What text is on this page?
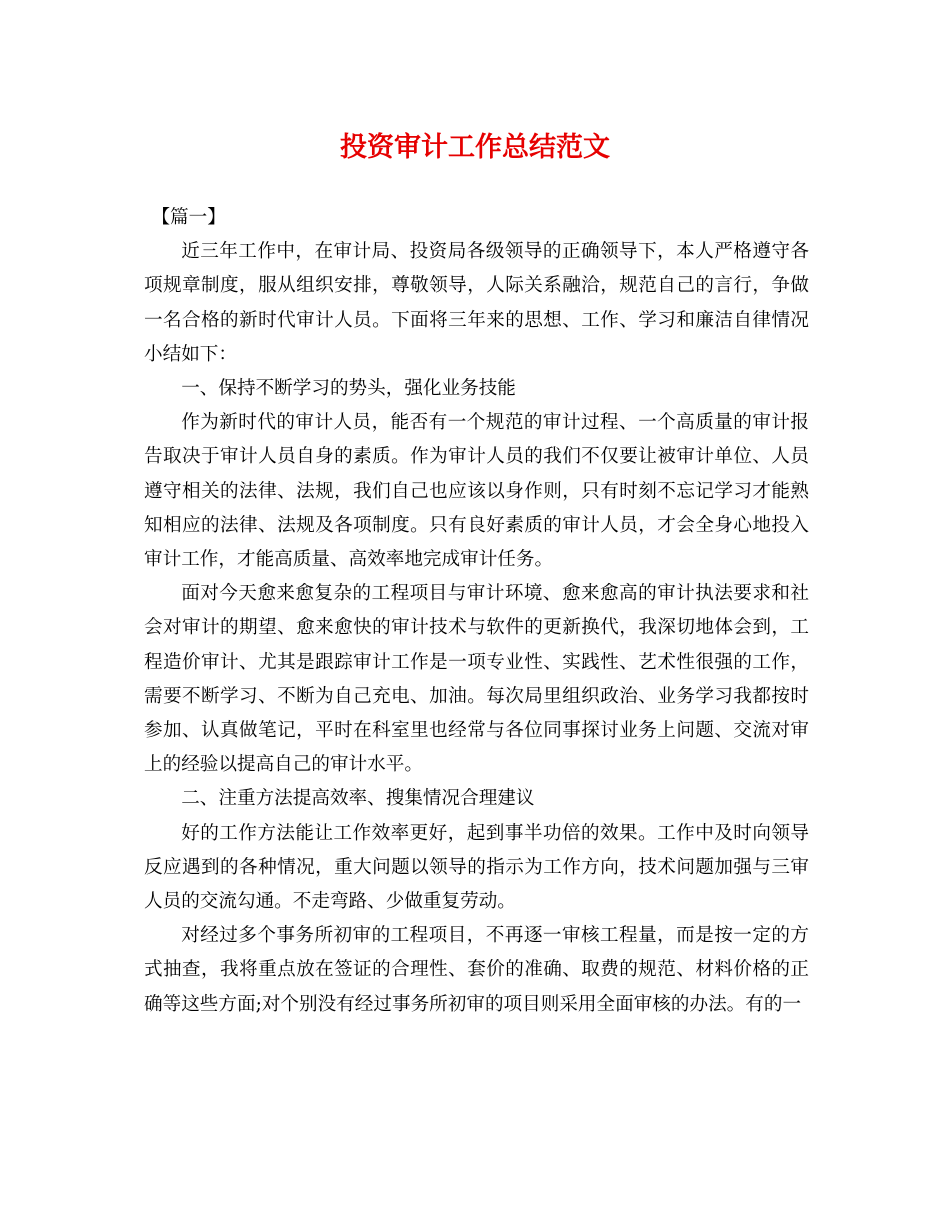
投资审计工作总结范文

【篇一】

近三年工作中，在审计局、投资局各级领导的正确领导下，本人严格遵守各项规章制度，服从组织安排，尊敬领导，人际关系融洽，规范自己的言行，争做一名合格的新时代审计人员。下面将三年来的思想、工作、学习和廉洁自律情况小结如下：

一、保持不断学习的势头，强化业务技能

作为新时代的审计人员，能否有一个规范的审计过程、一个高质量的审计报告取决于审计人员自身的素质。作为审计人员的我们不仅要让被审计单位、人员遵守相关的法律、法规，我们自己也应该以身作则，只有时刻不忘记学习才能熟知相应的法律、法规及各项制度。只有良好素质的审计人员，才会全身心地投入审计工作，才能高质量、高效率地完成审计任务。

面对今天愈来愈复杂的工程项目与审计环境、愈来愈高的审计执法要求和社会对审计的期望、愈来愈快的审计技术与软件的更新换代，我深切地体会到，工程造价审计、尤其是跟踪审计工作是一项专业性、实践性、艺术性很强的工作，需要不断学习、不断为自己充电、加油。每次局里组织政治、业务学习我都按时参加、认真做笔记，平时在科室里也经常与各位同事探讨业务上问题、交流对审上的经验以提高自己的审计水平。

二、注重方法提高效率、搜集情况合理建议

好的工作方法能让工作效率更好，起到事半功倍的效果。工作中及时向领导反应遇到的各种情况，重大问题以领导的指示为工作方向，技术问题加强与三审人员的交流勾通。不走弯路、少做重复劳动。

对经过多个事务所初审的工程项目，不再逐一审核工程量，而是按一定的方式抽查，我将重点放在签证的合理性、套价的准确、取费的规范、材料价格的正确等这些方面;对个别没有经过事务所初审的项目则采用全面审核的办法。有的一
